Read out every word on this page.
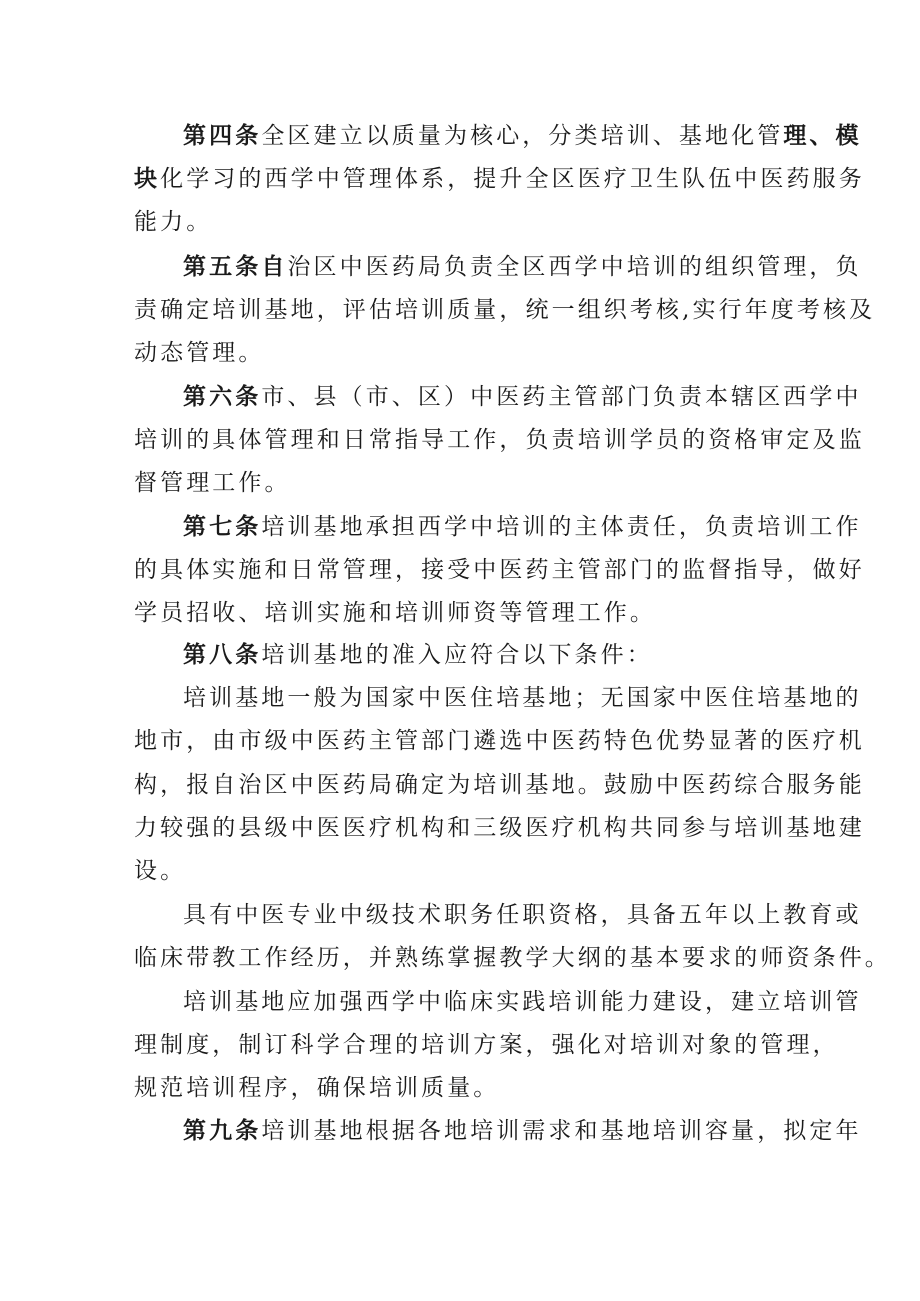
第四条全区建立以质量为核心，分类培训、基地化管理、模
块化学习的西学中管理体系，提升全区医疗卫生队伍中医药服务
能力。
第五条自治区中医药局负责全区西学中培训的组织管理，负
责确定培训基地，评估培训质量，统一组织考核,实行年度考核及
动态管理。
第六条市、县（市、区）中医药主管部门负责本辖区西学中
培训的具体管理和日常指导工作，负责培训学员的资格审定及监
督管理工作。
第七条培训基地承担西学中培训的主体责任，负责培训工作
的具体实施和日常管理，接受中医药主管部门的监督指导，做好
学员招收、培训实施和培训师资等管理工作。
第八条培训基地的准入应符合以下条件：
培训基地一般为国家中医住培基地；无国家中医住培基地的
地市，由市级中医药主管部门遴选中医药特色优势显著的医疗机
构，报自治区中医药局确定为培训基地。鼓励中医药综合服务能
力较强的县级中医医疗机构和三级医疗机构共同参与培训基地建
设。
具有中医专业中级技术职务任职资格，具备五年以上教育或
临床带教工作经历，并熟练掌握教学大纲的基本要求的师资条件。
培训基地应加强西学中临床实践培训能力建设，建立培训管
理制度，制订科学合理的培训方案，强化对培训对象的管理，
规范培训程序，确保培训质量。
第九条培训基地根据各地培训需求和基地培训容量，拟定年
